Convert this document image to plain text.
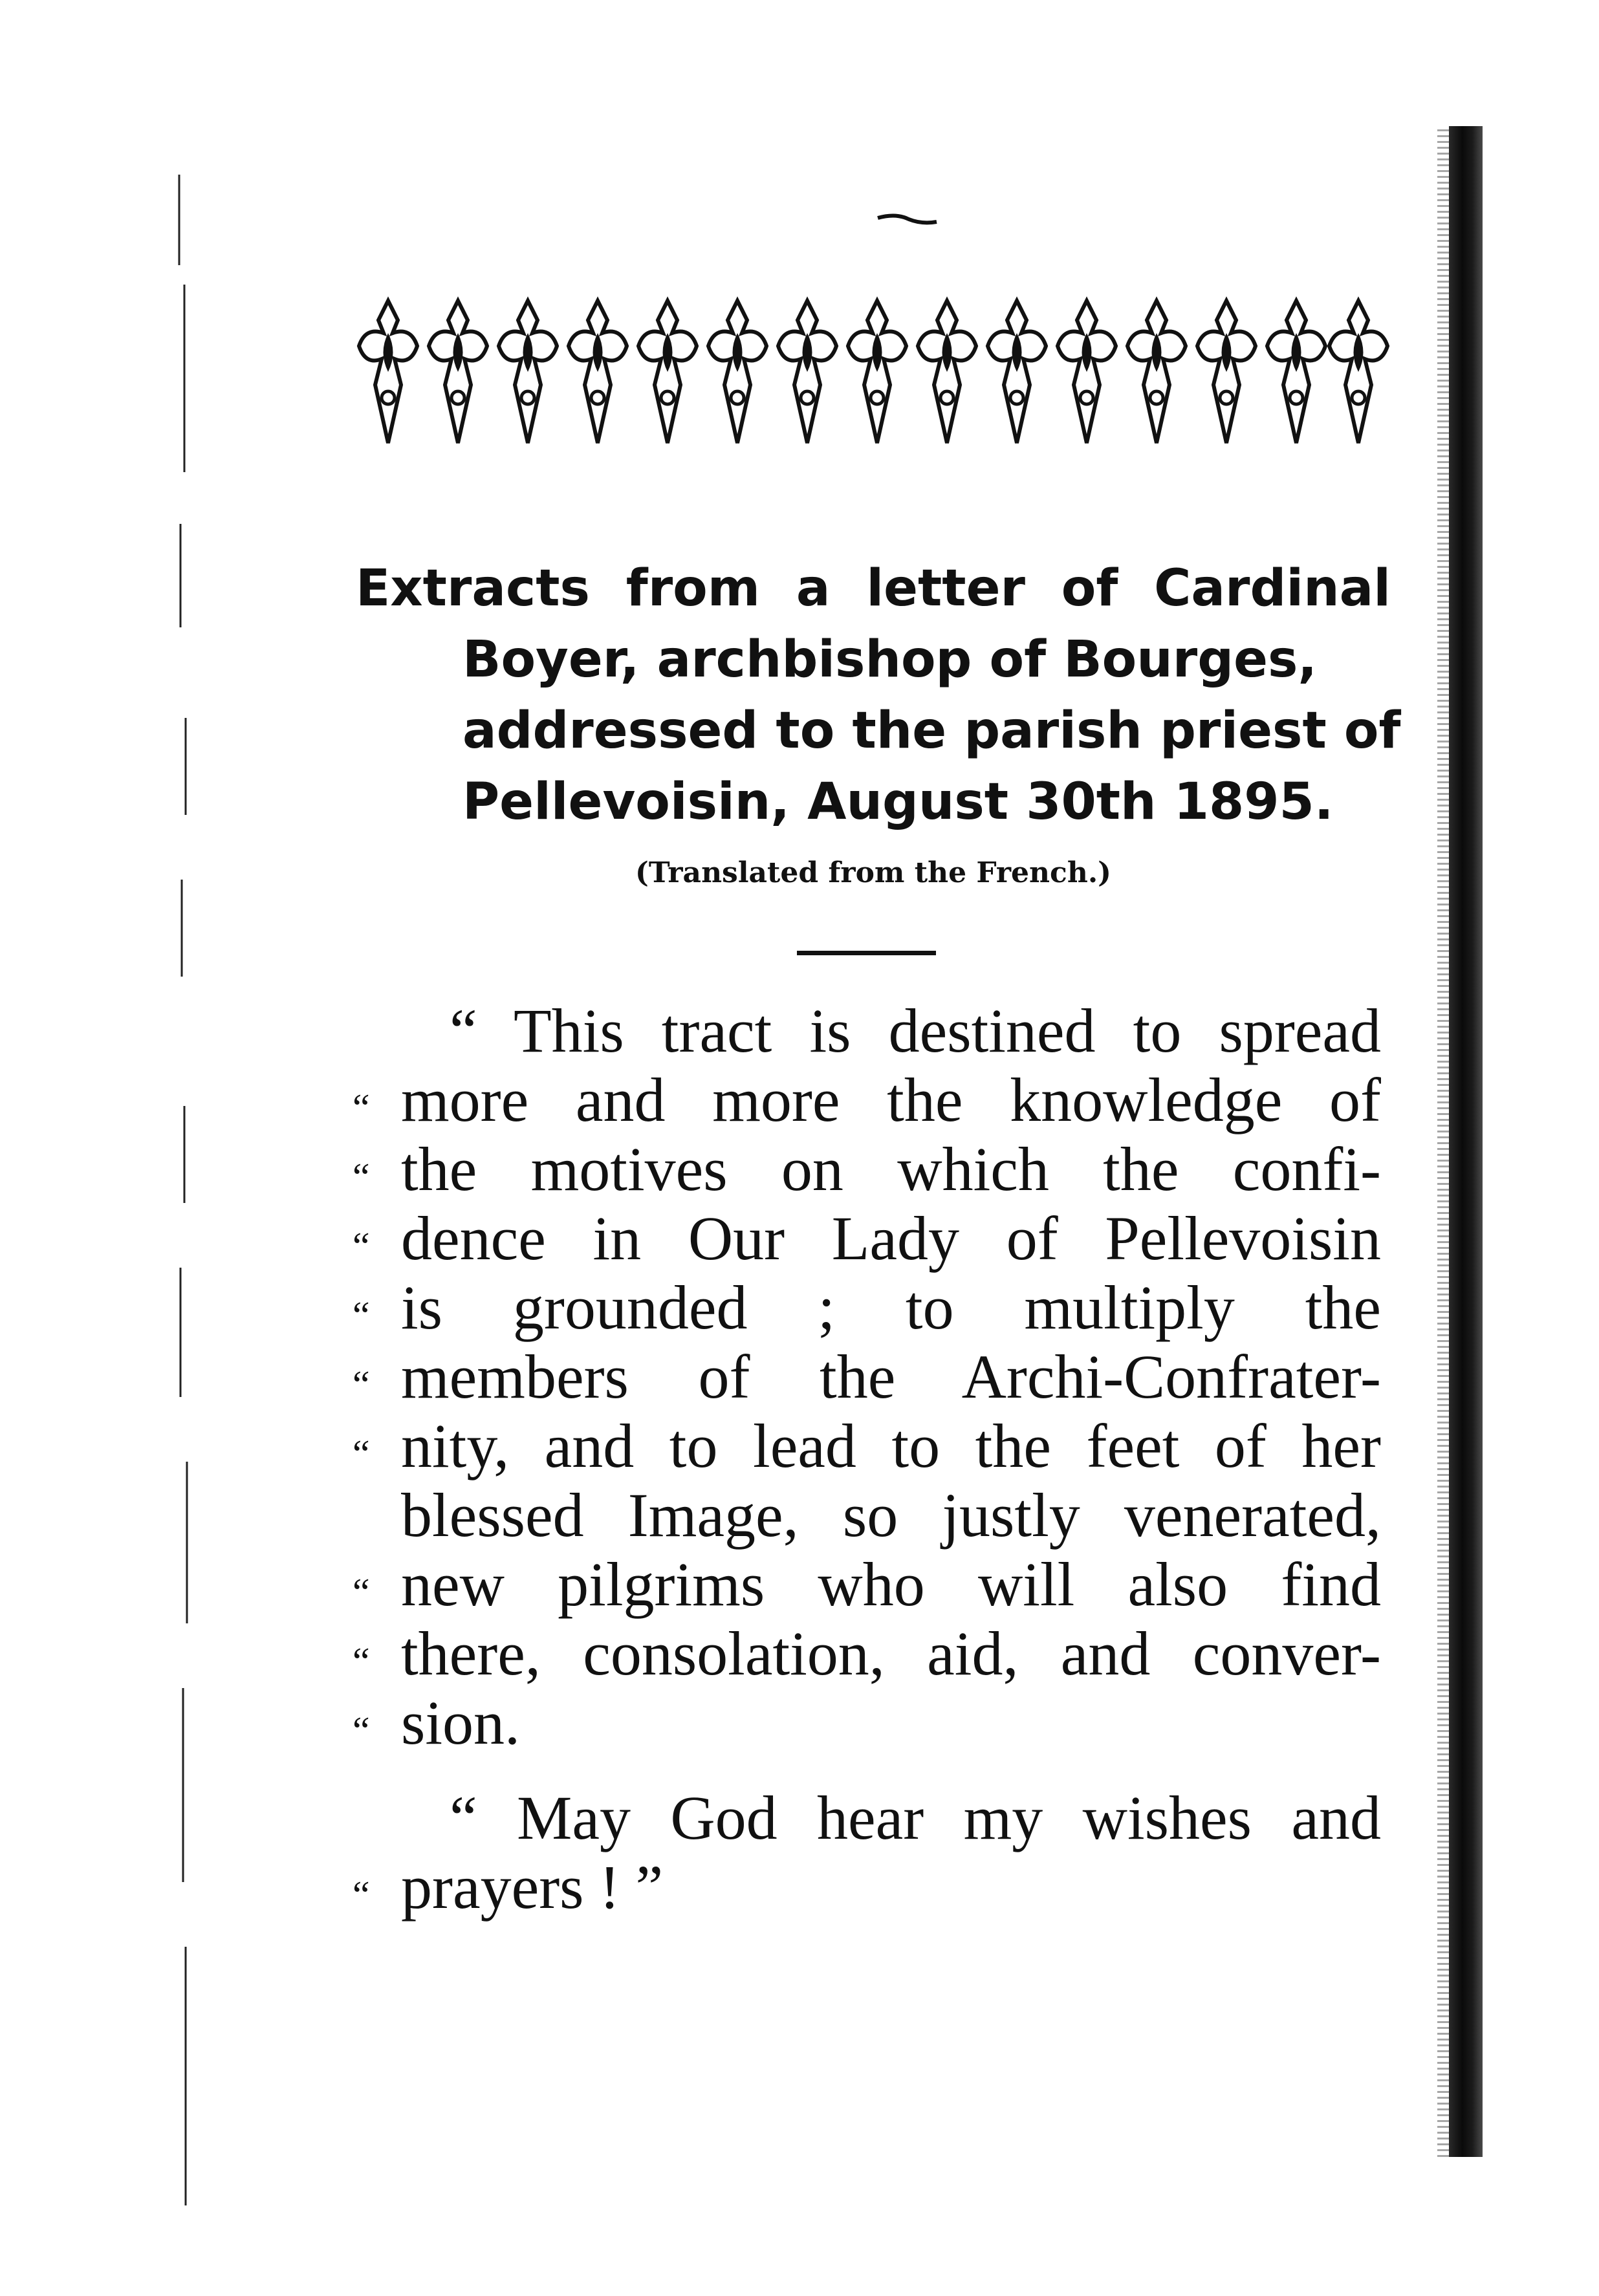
Extracts from a letter of Cardinal
Boyer, archbishop of Bourges,
addressed to the parish priest of
Pellevoisin, August 30th 1895.
(Translated from the French.)
“ This tract is destined to spread
“ more and more the knowledge of
“ the motives on which the confi-
“ dence in Our Lady of Pellevoisin
“ is grounded ; to multiply the
“ members of the Archi-Confrater-
“ nity, and to lead to the feet of her
blessed Image, so justly venerated,
“ new pilgrims who will also find
“ there, consolation, aid, and conver-
“ sion.
“ May God hear my wishes and
“ prayers ! ”
